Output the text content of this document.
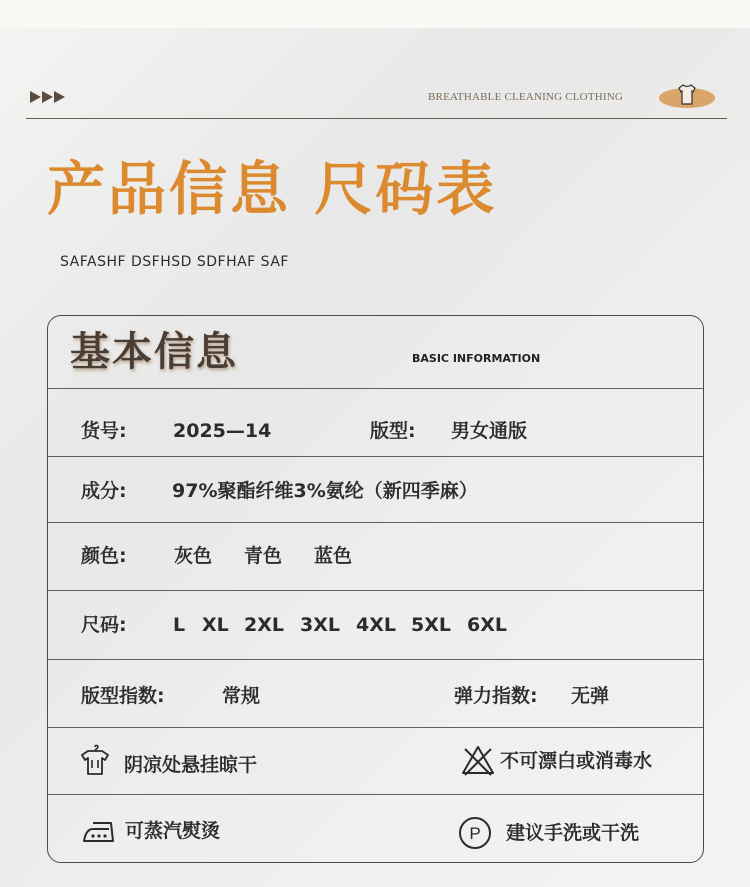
BREATHABLE CLEANING CLOTHING
产品信息 尺码表
SAFASHF DSFHSD SDFHAF SAF
基本信息	BASIC INFORMATION
货号: 2025—14	版型: 男女通版
成分: 97%聚酯纤维3%氨纶（新四季麻）
颜色: 灰色 青色 蓝色
尺码: L XL 2XL 3XL 4XL 5XL 6XL
版型指数:	常规	弹力指数: 无弹
阴凉处悬挂晾干	不可漂白或消毒水
可蒸汽熨烫	P 建议手洗或干洗
